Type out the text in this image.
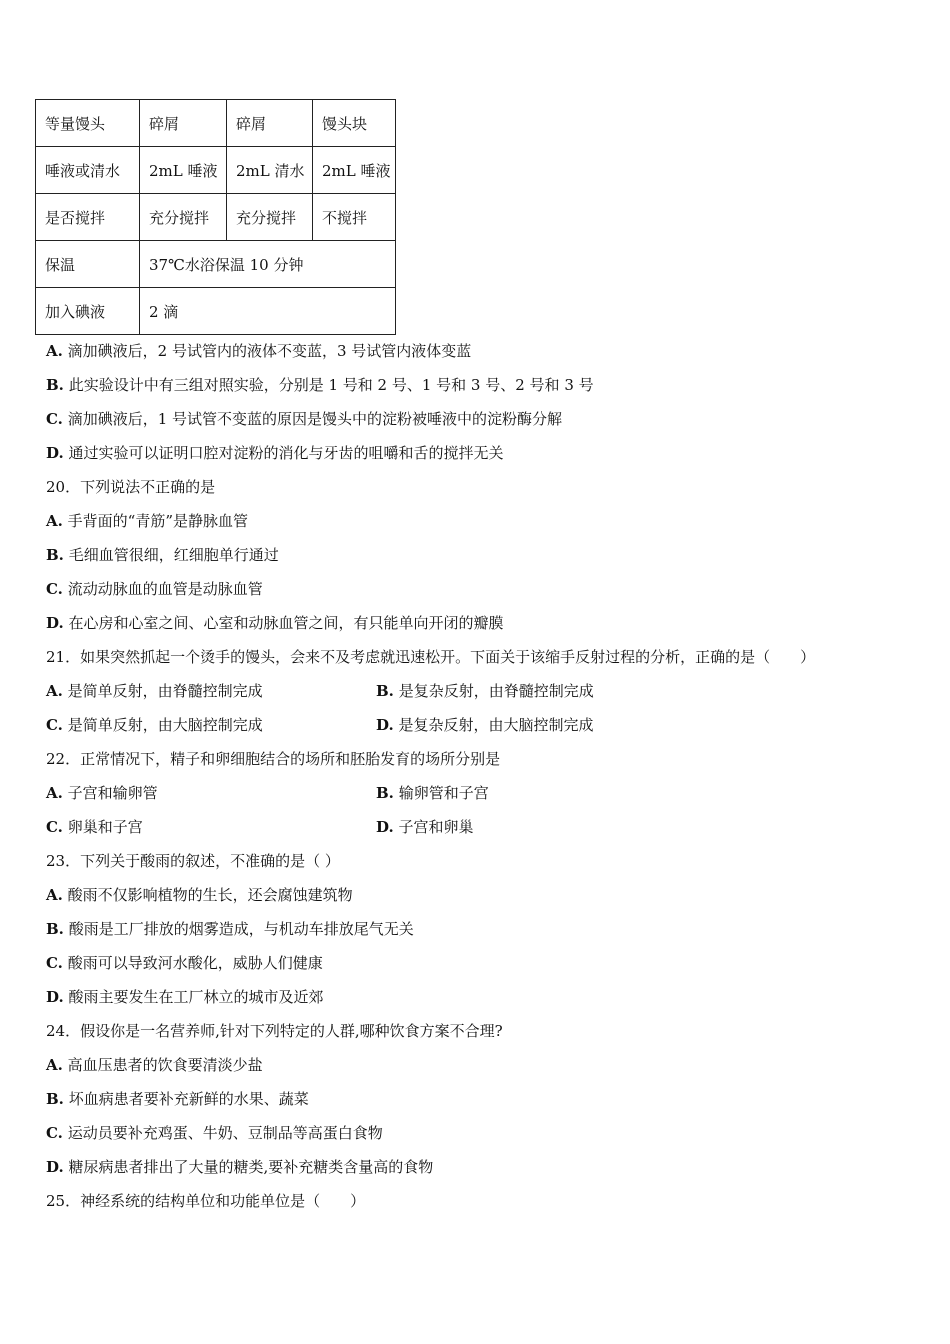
等量馒头	碎屑	碎屑	馒头块
唾液或清水	2mL 唾液	2mL 清水	2mL 唾液
是否搅拌	充分搅拌	充分搅拌	不搅拌
保温	37℃水浴保温 10 分钟		
加入碘液	2 滴		
A. 滴加碘液后，2 号试管内的液体不变蓝，3 号试管内液体变蓝
B. 此实验设计中有三组对照实验，分别是 1 号和 2 号、1 号和 3 号、2 号和 3 号
C. 滴加碘液后，1 号试管不变蓝的原因是馒头中的淀粉被唾液中的淀粉酶分解
D. 通过实验可以证明口腔对淀粉的消化与牙齿的咀嚼和舌的搅拌无关
20．下列说法不正确的是
A. 手背面的“青筋”是静脉血管
B. 毛细血管很细，红细胞单行通过
C. 流动动脉血的血管是动脉血管
D. 在心房和心室之间、心室和动脉血管之间，有只能单向开闭的瓣膜
21．如果突然抓起一个烫手的馒头，会来不及考虑就迅速松开。下面关于该缩手反射过程的分析，正确的是（　　）
A. 是简单反射，由脊髓控制完成	B. 是复杂反射，由脊髓控制完成
C. 是简单反射，由大脑控制完成	D. 是复杂反射，由大脑控制完成
22．正常情况下，精子和卵细胞结合的场所和胚胎发育的场所分别是
A. 子宫和输卵管	B. 输卵管和子宫
C. 卵巢和子宫	D. 子宫和卵巢
23．下列关于酸雨的叙述，不准确的是（ ）
A. 酸雨不仅影响植物的生长，还会腐蚀建筑物
B. 酸雨是工厂排放的烟雾造成，与机动车排放尾气无关
C. 酸雨可以导致河水酸化，威胁人们健康
D. 酸雨主要发生在工厂林立的城市及近郊
24．假设你是一名营养师,针对下列特定的人群,哪种饮食方案不合理?
A. 高血压患者的饮食要清淡少盐
B. 坏血病患者要补充新鲜的水果、蔬菜
C. 运动员要补充鸡蛋、牛奶、豆制品等高蛋白食物
D. 糖尿病患者排出了大量的糖类,要补充糖类含量高的食物
25．神经系统的结构单位和功能单位是（　　）
